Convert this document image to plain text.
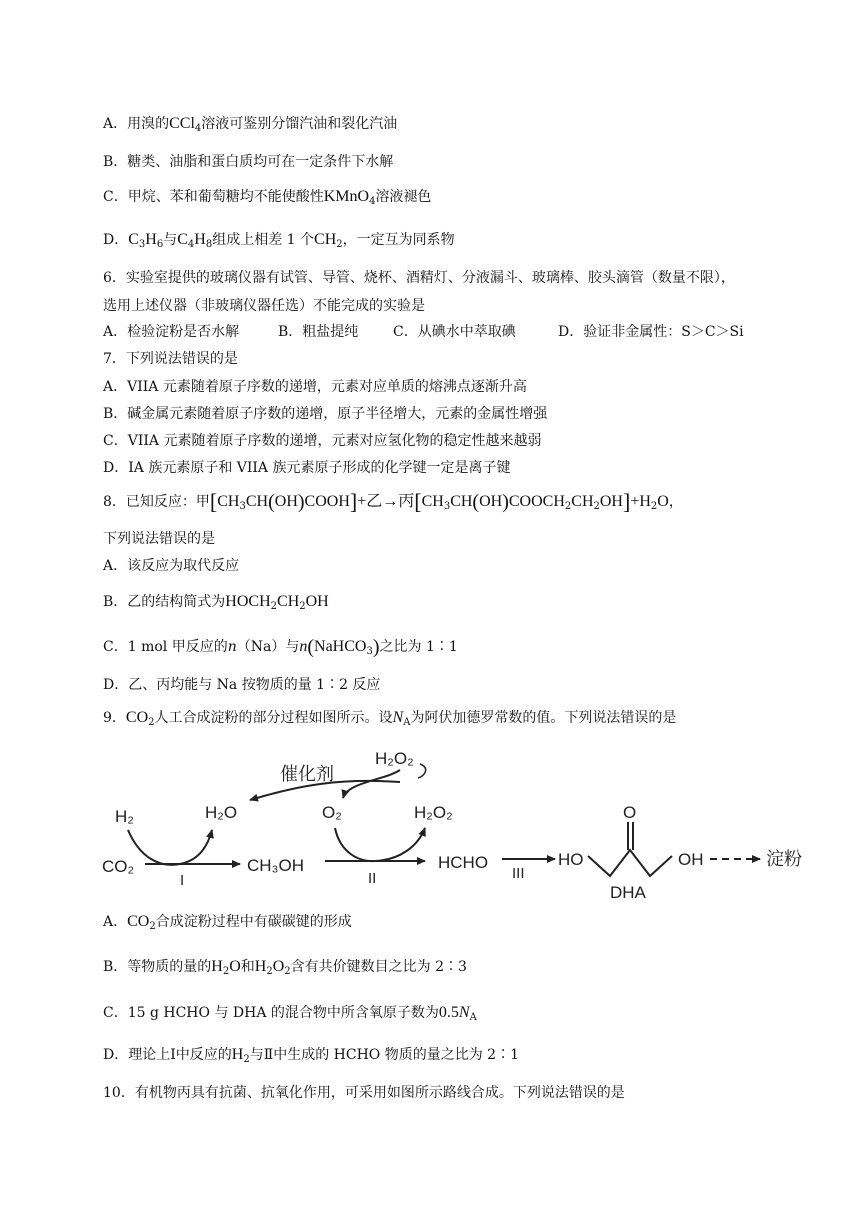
A．用溴的CCl$_4$溶液可鉴别分馏汽油和裂化汽油
B．糖类、油脂和蛋白质均可在一定条件下水解
C．甲烷、苯和葡萄糖均不能使酸性KMnO$_4$溶液褪色
D．$C_3H_6$与$C_4H_8$组成上相差 1 个$CH_2$，一定互为同系物
6．实验室提供的玻璃仪器有试管、导管、烧杯、酒精灯、分液漏斗、玻璃棒、胶头滴管（数量不限），
选用上述仪器（非玻璃仪器任选）不能完成的实验是
A．检验淀粉是否水解	B．粗盐提纯 C．从碘水中萃取碘	D．验证非金属性：S＞C＞Si
7．下列说法错误的是
A．VIIA 元素随着原子序数的递增，元素对应单质的熔沸点逐渐升高
B．碱金属元素随着原子序数的递增，原子半径增大，元素的金属性增强
C．VIIA 元素随着原子序数的递增，元素对应氢化物的稳定性越来越弱
D．IA 族元素原子和 VIIA 族元素原子形成的化学键一定是离子键
8．已知反应：甲$[CH_3CH(OH)COOH]+$乙→丙$[CH_3CH(OH)COOCH_2CH_2OH]+H_2O$，
下列说法错误的是
A．该反应为取代反应
B．乙的结构简式为$HOCH_2CH_2OH$
C．1 mol 甲反应的n（Na）与n(NaHCO$_3$)之比为 1∶1
D．乙、丙均能与 Na 按物质的量 1∶2 反应
9．$CO_2$人工合成淀粉的部分过程如图所示。设$N_A$为阿伏加德罗常数的值。下列说法错误的是
催化剂
H₂O₂
H₂	H₂O
CO₂
I
CH₃OH
O₂	H₂O₂
II
HCHO
III
HO
O
DHA
OH	淀粉
A．$CO_2$合成淀粉过程中有碳碳键的形成
B．等物质的量的$H_2O$和$H_2O_2$含有共价键数目之比为 2∶3
C．15 g HCHO 与 DHA 的混合物中所含氧原子数为$0.5N_A$
D．理论上Ⅰ中反应的$H_2$与Ⅱ中生成的 HCHO 物质的量之比为 2∶1
10．有机物丙具有抗菌、抗氧化作用，可采用如图所示路线合成。下列说法错误的是
